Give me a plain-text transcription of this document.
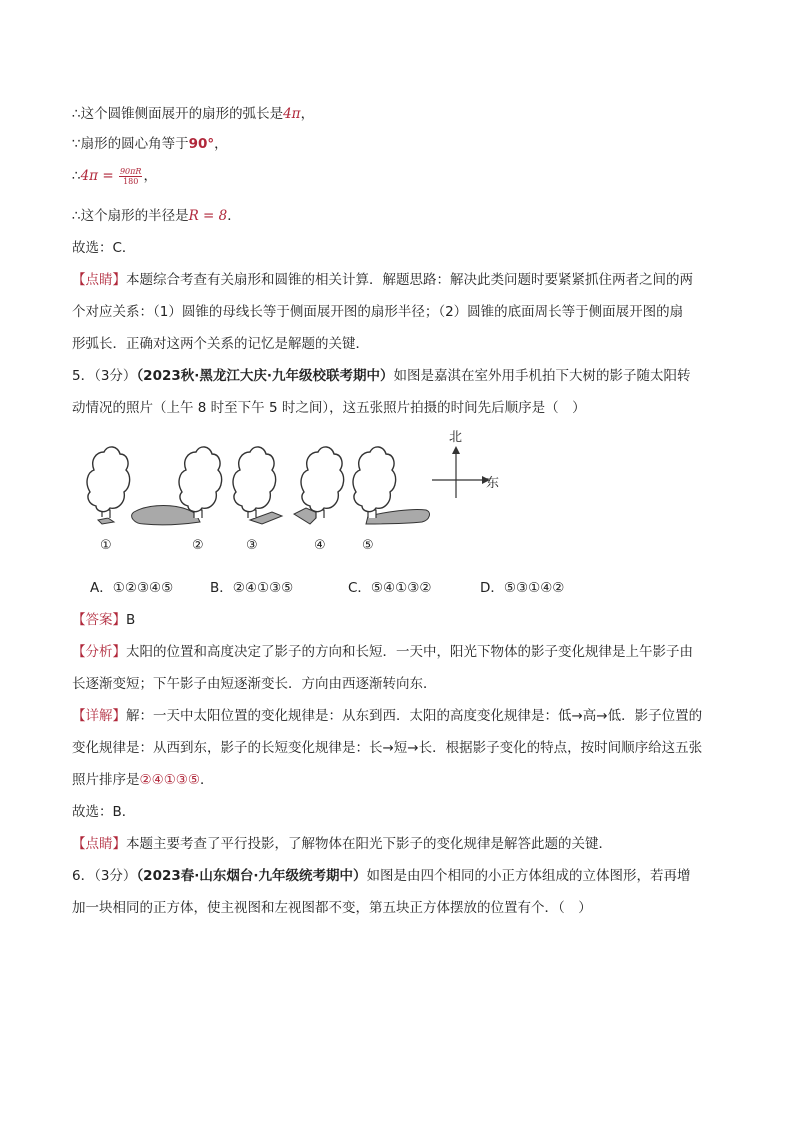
∴这个圆锥侧面展开的扇形的弧长是4π，
∵扇形的圆心角等于90°，
∴4π = $\frac{90\pi R}{180}$ ，
∴这个扇形的半径是R = 8．
故选：C．
【点睛】本题综合考查有关扇形和圆锥的相关计算．解题思路：解决此类问题时要紧紧抓住两者之间的两
个对应关系：（1）圆锥的母线长等于侧面展开图的扇形半径；（2）圆锥的底面周长等于侧面展开图的扇
形弧长．正确对这两个关系的记忆是解题的关键．
5．（3分）（2023秋·黑龙江大庆·九年级校联考期中）如图是嘉淇在室外用手机拍下大树的影子随太阳转
动情况的照片（上午 8 时至下午 5 时之间），这五张照片拍摄的时间先后顺序是（　）
北
东
①	②	③	④	⑤
A．①②③④⑤	B．②④①③⑤	C．⑤④①③②	D．⑤③①④②
【答案】B
【分析】太阳的位置和高度决定了影子的方向和长短．一天中，阳光下物体的影子变化规律是上午影子由
长逐渐变短；下午影子由短逐渐变长．方向由西逐渐转向东．
【详解】解：一天中太阳位置的变化规律是：从东到西．太阳的高度变化规律是：低→高→低．影子位置的
变化规律是：从西到东，影子的长短变化规律是：长→短→长．根据影子变化的特点，按时间顺序给这五张
照片排序是②④①③⑤．
故选：B．
【点睛】本题主要考查了平行投影，了解物体在阳光下影子的变化规律是解答此题的关键．
6．（3分）（2023春·山东烟台·九年级统考期中）如图是由四个相同的小正方体组成的立体图形，若再增
加一块相同的正方体，使主视图和左视图都不变，第五块正方体摆放的位置有个．（　）
